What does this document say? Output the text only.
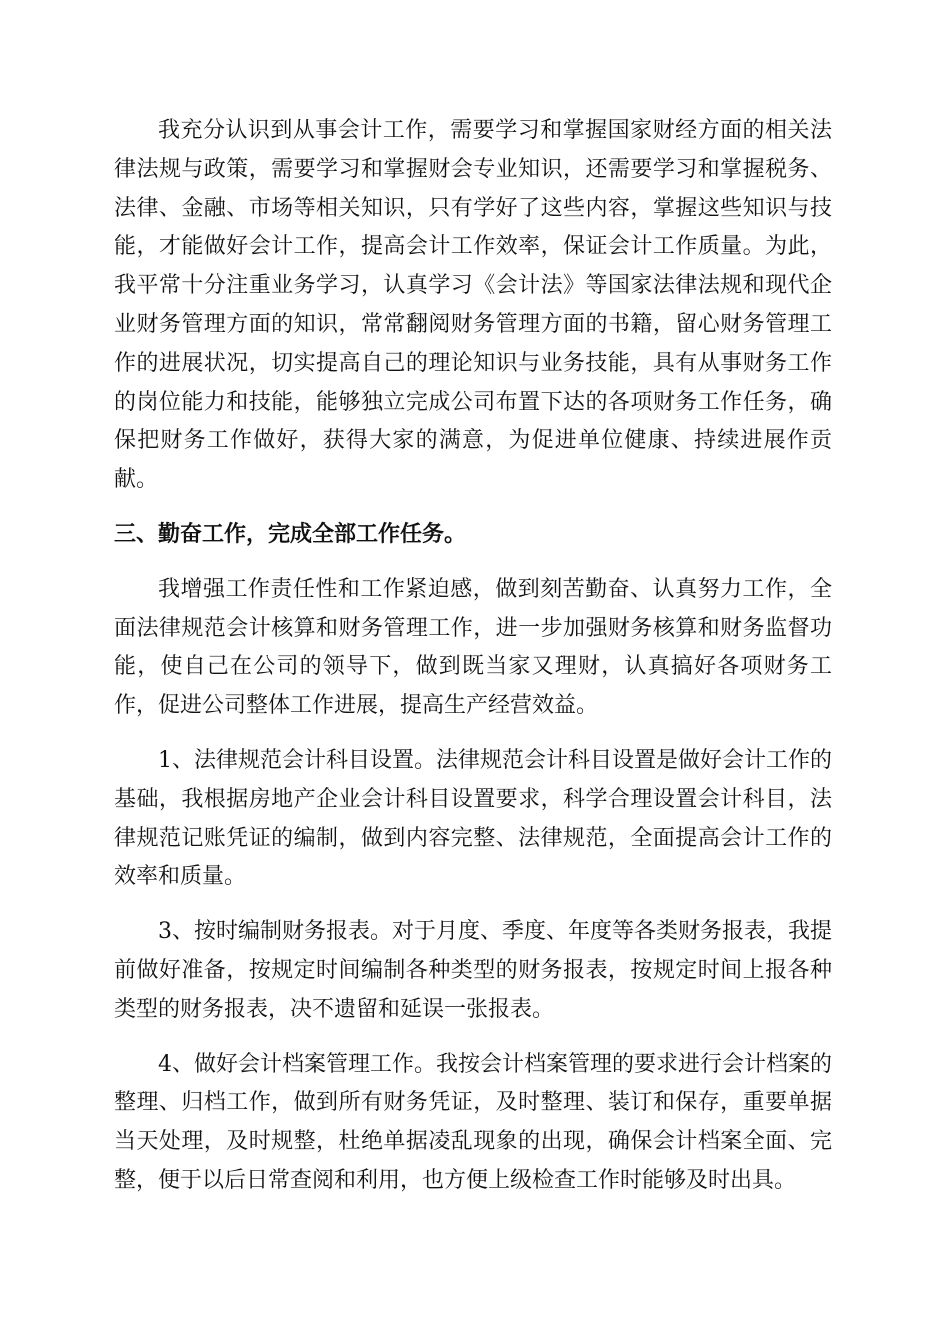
我充分认识到从事会计工作，需要学习和掌握国家财经方面的相关法律法规与政策，需要学习和掌握财会专业知识，还需要学习和掌握税务、法律、金融、市场等相关知识，只有学好了这些内容，掌握这些知识与技能，才能做好会计工作，提高会计工作效率，保证会计工作质量。为此，我平常十分注重业务学习，认真学习《会计法》等国家法律法规和现代企业财务管理方面的知识，常常翻阅财务管理方面的书籍，留心财务管理工作的进展状况，切实提高自己的理论知识与业务技能，具有从事财务工作的岗位能力和技能，能够独立完成公司布置下达的各项财务工作任务，确保把财务工作做好，获得大家的满意，为促进单位健康、持续进展作贡献。

三、勤奋工作，完成全部工作任务。

我增强工作责任性和工作紧迫感，做到刻苦勤奋、认真努力工作，全面法律规范会计核算和财务管理工作，进一步加强财务核算和财务监督功能，使自己在公司的领导下，做到既当家又理财，认真搞好各项财务工作，促进公司整体工作进展，提高生产经营效益。

1、法律规范会计科目设置。法律规范会计科目设置是做好会计工作的基础，我根据房地产企业会计科目设置要求，科学合理设置会计科目，法律规范记账凭证的编制，做到内容完整、法律规范，全面提高会计工作的效率和质量。

3、按时编制财务报表。对于月度、季度、年度等各类财务报表，我提前做好准备，按规定时间编制各种类型的财务报表，按规定时间上报各种类型的财务报表，决不遗留和延误一张报表。

4、做好会计档案管理工作。我按会计档案管理的要求进行会计档案的整理、归档工作，做到所有财务凭证，及时整理、装订和保存，重要单据当天处理，及时规整，杜绝单据凌乱现象的出现，确保会计档案全面、完整，便于以后日常查阅和利用，也方便上级检查工作时能够及时出具。
